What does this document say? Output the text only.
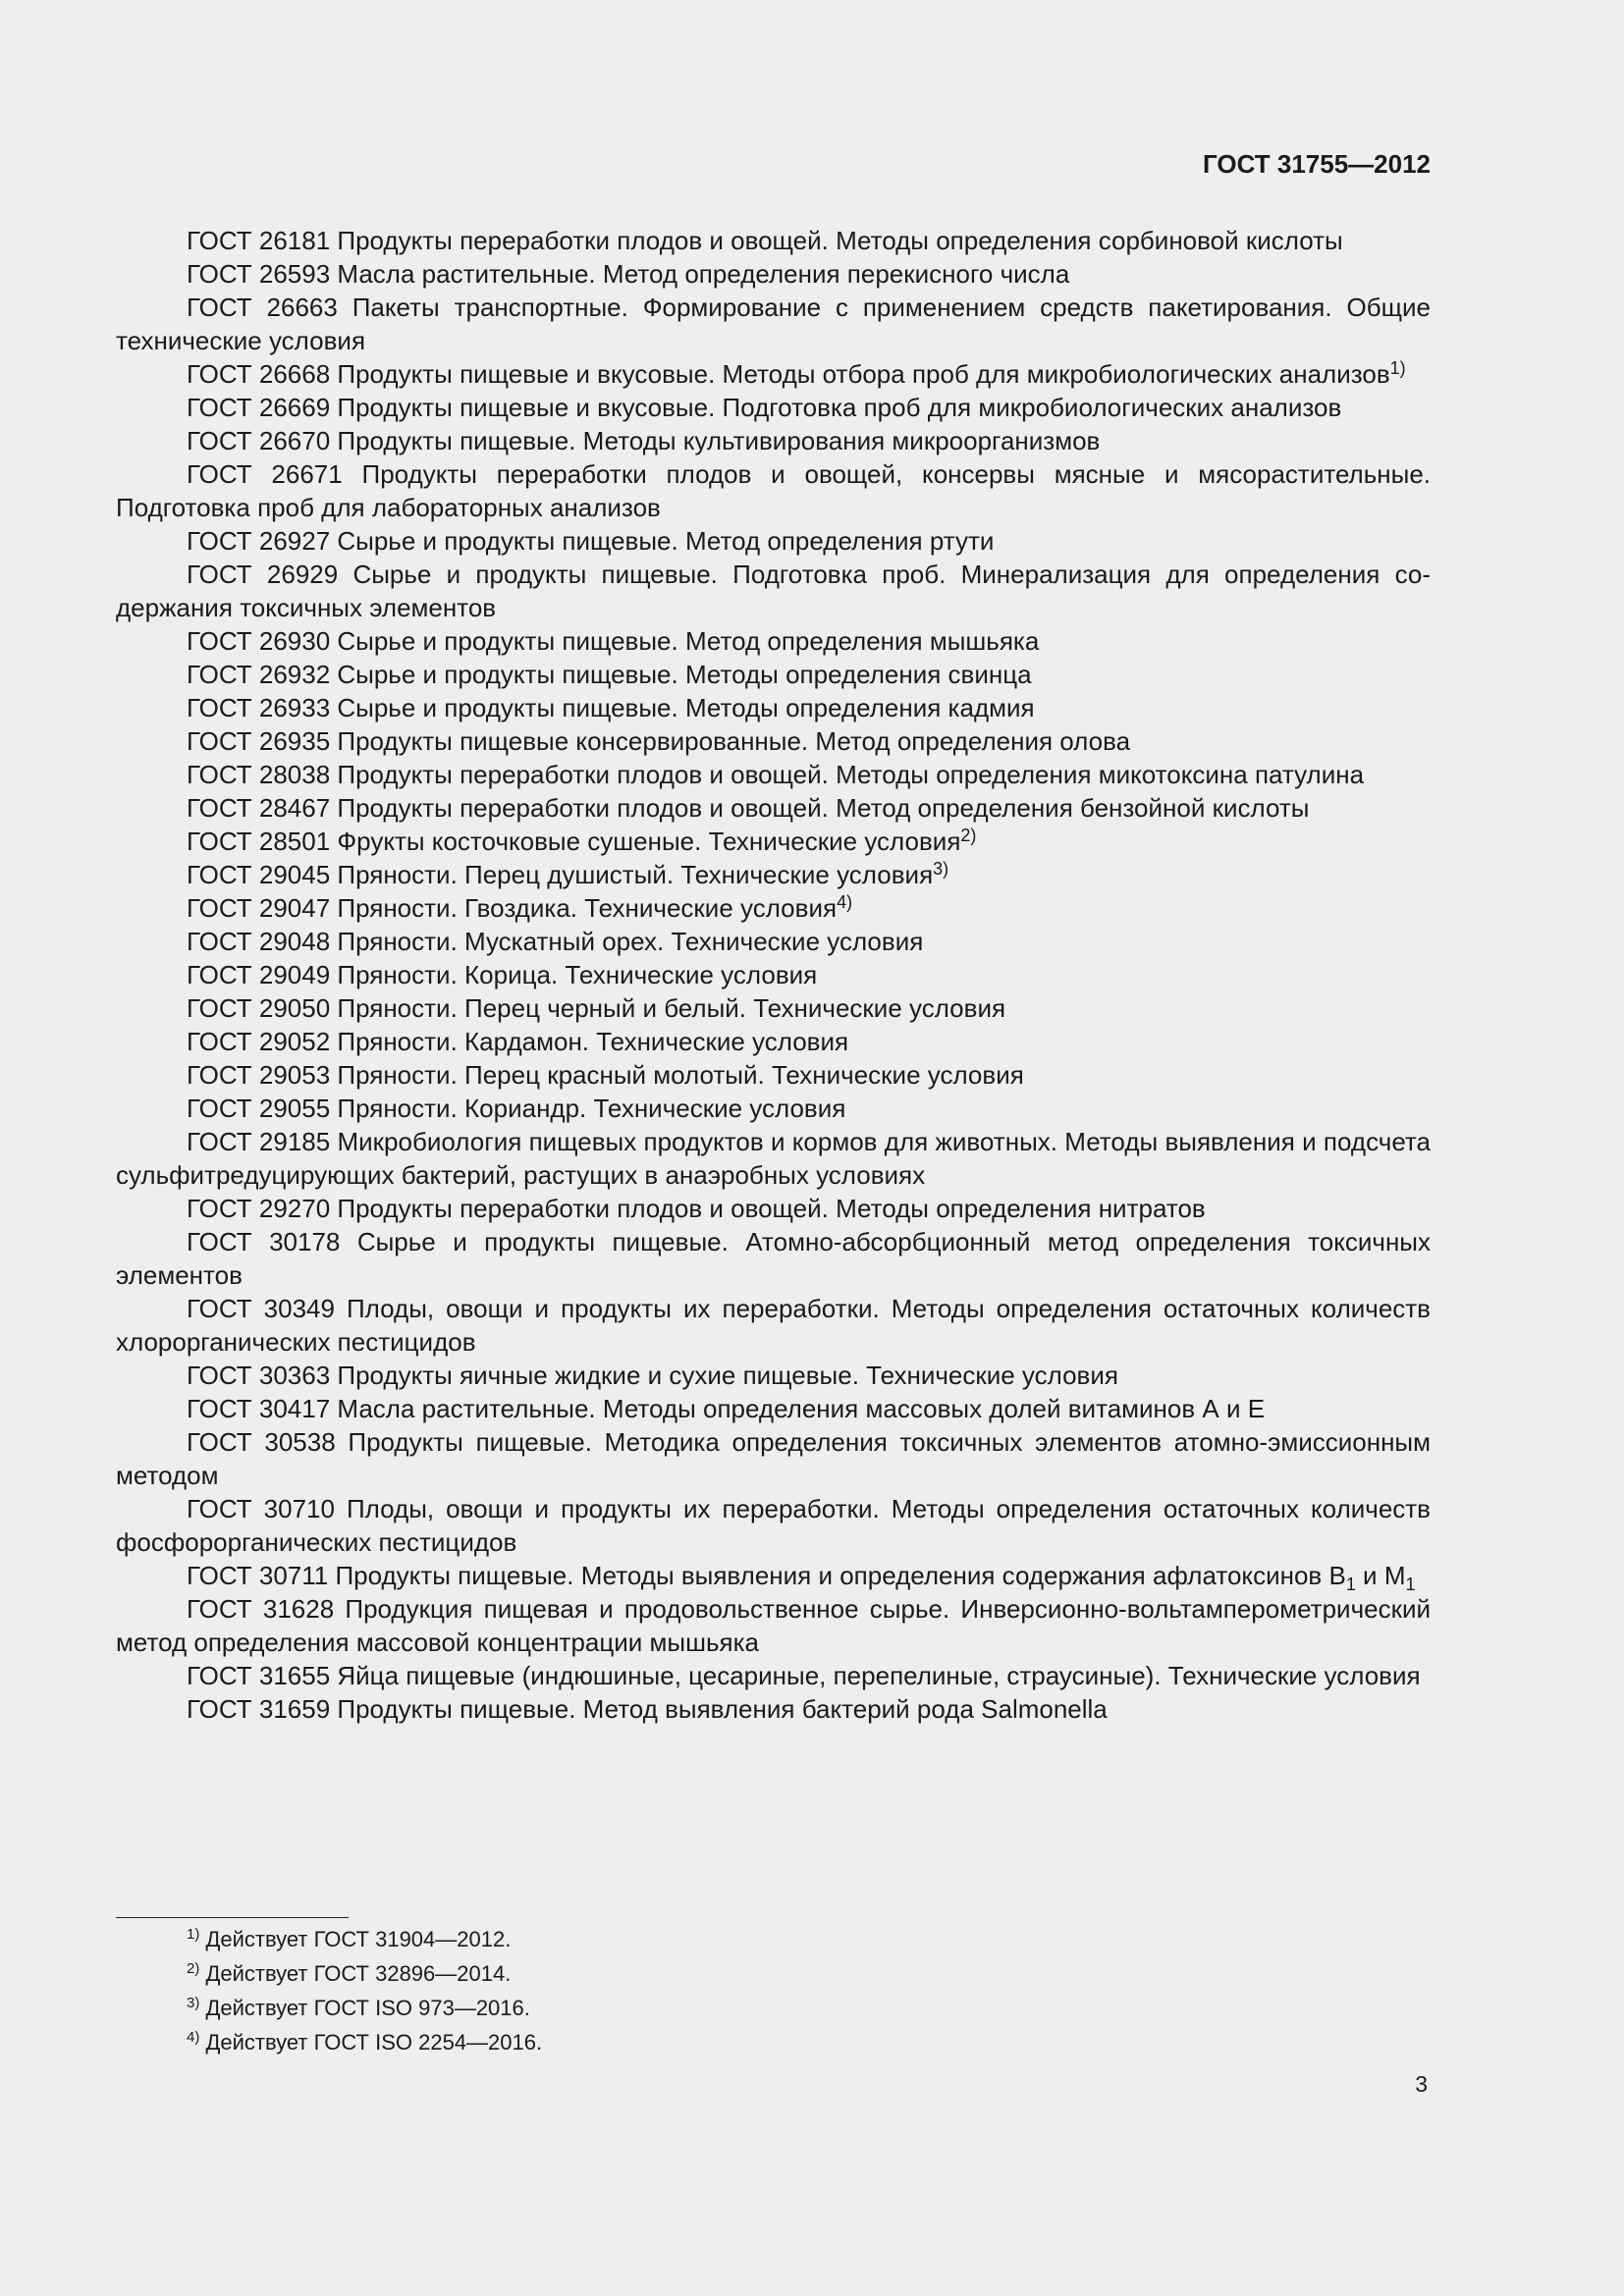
ГОСТ 31755—2012

ГОСТ 26181 Продукты переработки плодов и овощей. Методы определения сорбиновой кислоты

ГОСТ 26593 Масла растительные. Метод определения перекисного числа

ГОСТ 26663 Пакеты транспортные. Формирование с применением средств пакетирования. Общие технические условия

ГОСТ 26668 Продукты пищевые и вкусовые. Методы отбора проб для микробиологических анализов$^{1)}$

ГОСТ 26669 Продукты пищевые и вкусовые. Подготовка проб для микробиологических анализов

ГОСТ 26670 Продукты пищевые. Методы культивирования микроорганизмов

ГОСТ 26671 Продукты переработки плодов и овощей, консервы мясные и мясорастительные. Подготовка проб для лабораторных анализов

ГОСТ 26927 Сырье и продукты пищевые. Метод определения ртути

ГОСТ 26929 Сырье и продукты пищевые. Подготовка проб. Минерализация для определения содержания токсичных элементов

ГОСТ 26930 Сырье и продукты пищевые. Метод определения мышьяка

ГОСТ 26932 Сырье и продукты пищевые. Методы определения свинца

ГОСТ 26933 Сырье и продукты пищевые. Методы определения кадмия

ГОСТ 26935 Продукты пищевые консервированные. Метод определения олова

ГОСТ 28038 Продукты переработки плодов и овощей. Методы определения микотоксина патулина

ГОСТ 28467 Продукты переработки плодов и овощей. Метод определения бензойной кислоты

ГОСТ 28501 Фрукты косточковые сушеные. Технические условия$^{2)}$

ГОСТ 29045 Пряности. Перец душистый. Технические условия$^{3)}$

ГОСТ 29047 Пряности. Гвоздика. Технические условия$^{4)}$

ГОСТ 29048 Пряности. Мускатный орех. Технические условия

ГОСТ 29049 Пряности. Корица. Технические условия

ГОСТ 29050 Пряности. Перец черный и белый. Технические условия

ГОСТ 29052 Пряности. Кардамон. Технические условия

ГОСТ 29053 Пряности. Перец красный молотый. Технические условия

ГОСТ 29055 Пряности. Кориандр. Технические условия

ГОСТ 29185 Микробиология пищевых продуктов и кормов для животных. Методы выявления и подсчета сульфитредуцирующих бактерий, растущих в анаэробных условиях

ГОСТ 29270 Продукты переработки плодов и овощей. Методы определения нитратов

ГОСТ 30178 Сырье и продукты пищевые. Атомно-абсорбционный метод определения токсичных элементов

ГОСТ 30349 Плоды, овощи и продукты их переработки. Методы определения остаточных количеств хлорорганических пестицидов

ГОСТ 30363 Продукты яичные жидкие и сухие пищевые. Технические условия

ГОСТ 30417 Масла растительные. Методы определения массовых долей витаминов А и Е

ГОСТ 30538 Продукты пищевые. Методика определения токсичных элементов атомно-эмиссионным методом

ГОСТ 30710 Плоды, овощи и продукты их переработки. Методы определения остаточных количеств фосфорорганических пестицидов

ГОСТ 30711 Продукты пищевые. Методы выявления и определения содержания афлатоксинов $B_1$ и $M_1$

ГОСТ 31628 Продукция пищевая и продовольственное сырье. Инверсионно-вольтамперометрический метод определения массовой концентрации мышьяка

ГОСТ 31655 Яйца пищевые (индюшиные, цесариные, перепелиные, страусиные). Технические условия

ГОСТ 31659 Продукты пищевые. Метод выявления бактерий рода Salmonella

$^{1)}$ Действует ГОСТ 31904—2012.

$^{2)}$ Действует ГОСТ 32896—2014.

$^{3)}$ Действует ГОСТ ISO 973—2016.

$^{4)}$ Действует ГОСТ ISO 2254—2016.

3
